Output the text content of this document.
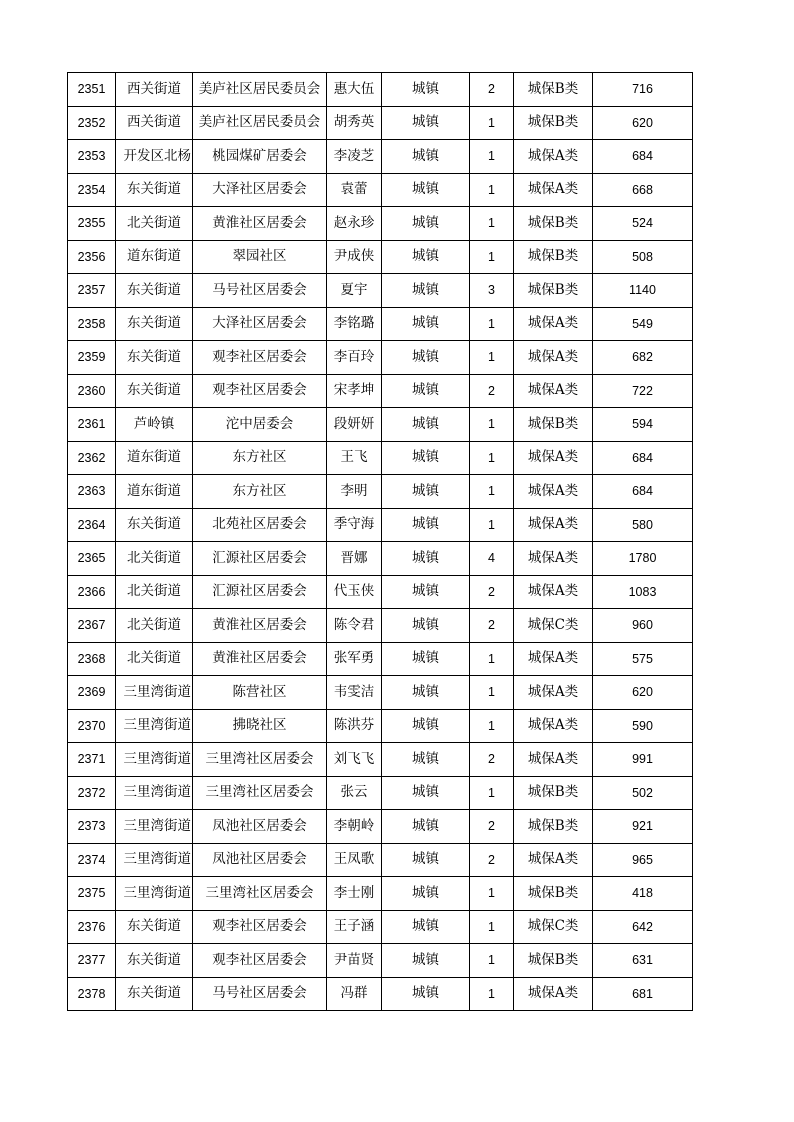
2351	西关街道	美庐社区居民委员会	惠大伍	城镇	2	城保B类	716
2352	西关街道	美庐社区居民委员会	胡秀英	城镇	1	城保B类	620
2353	开发区北杨	桃园煤矿居委会	李凌芝	城镇	1	城保A类	684
2354	东关街道	大泽社区居委会	袁蕾	城镇	1	城保A类	668
2355	北关街道	黄淮社区居委会	赵永珍	城镇	1	城保B类	524
2356	道东街道	翠园社区	尹成侠	城镇	1	城保B类	508
2357	东关街道	马号社区居委会	夏宇	城镇	3	城保B类	1140
2358	东关街道	大泽社区居委会	李铭璐	城镇	1	城保A类	549
2359	东关街道	观李社区居委会	李百玲	城镇	1	城保A类	682
2360	东关街道	观李社区居委会	宋孝坤	城镇	2	城保A类	722
2361	芦岭镇	沱中居委会	段妍妍	城镇	1	城保B类	594
2362	道东街道	东方社区	王飞	城镇	1	城保A类	684
2363	道东街道	东方社区	李明	城镇	1	城保A类	684
2364	东关街道	北苑社区居委会	季守海	城镇	1	城保A类	580
2365	北关街道	汇源社区居委会	晋娜	城镇	4	城保A类	1780
2366	北关街道	汇源社区居委会	代玉侠	城镇	2	城保A类	1083
2367	北关街道	黄淮社区居委会	陈令君	城镇	2	城保C类	960
2368	北关街道	黄淮社区居委会	张军勇	城镇	1	城保A类	575
2369	三里湾街道	陈营社区	韦雯洁	城镇	1	城保A类	620
2370	三里湾街道	拂晓社区	陈洪芬	城镇	1	城保A类	590
2371	三里湾街道	三里湾社区居委会	刘飞飞	城镇	2	城保A类	991
2372	三里湾街道	三里湾社区居委会	张云	城镇	1	城保B类	502
2373	三里湾街道	凤池社区居委会	李朝岭	城镇	2	城保B类	921
2374	三里湾街道	凤池社区居委会	王凤歌	城镇	2	城保A类	965
2375	三里湾街道	三里湾社区居委会	李士刚	城镇	1	城保B类	418
2376	东关街道	观李社区居委会	王子涵	城镇	1	城保C类	642
2377	东关街道	观李社区居委会	尹苗贤	城镇	1	城保B类	631
2378	东关街道	马号社区居委会	冯群	城镇	1	城保A类	681
